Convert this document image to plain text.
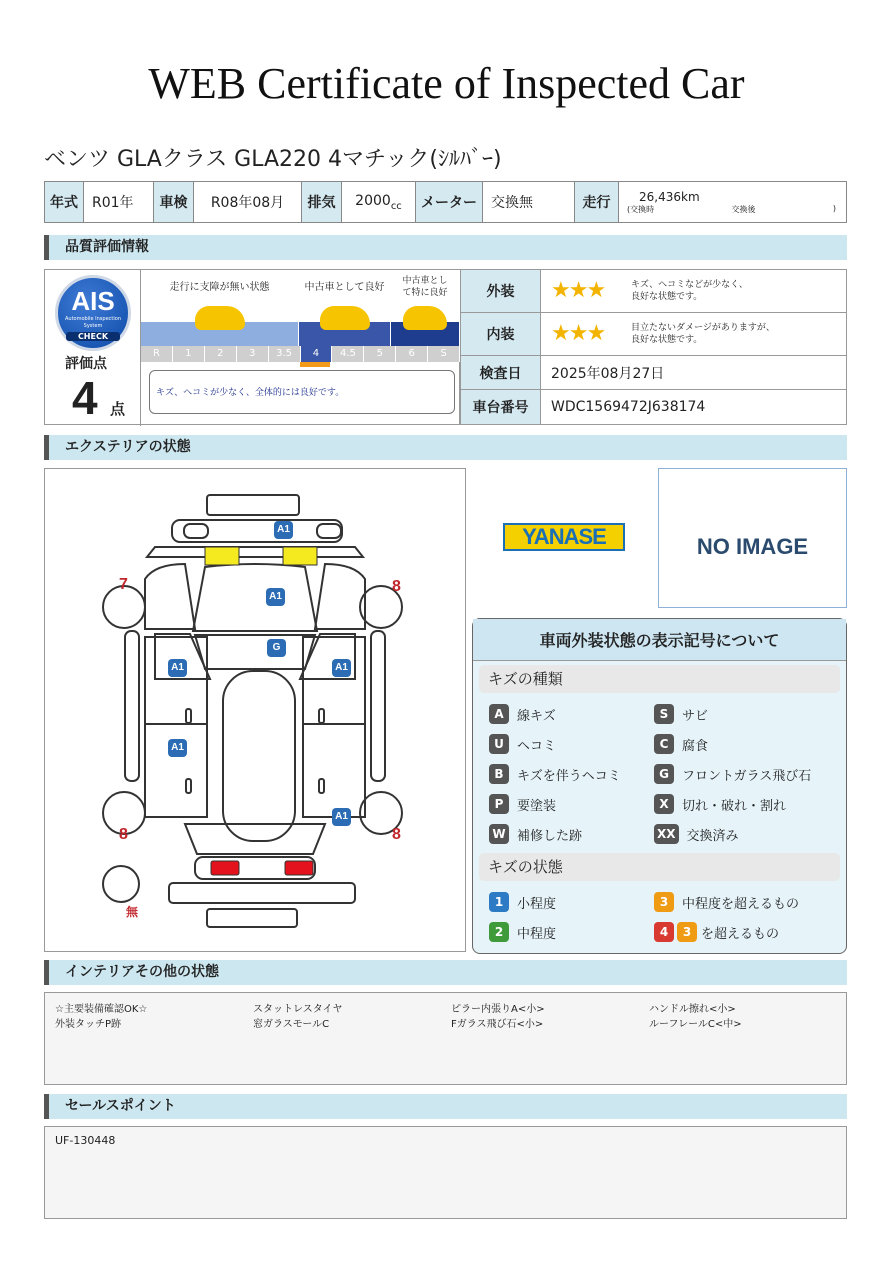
WEB Certificate of Inspected Car
ベンツ GLAクラス GLA220 4マチック(ｼﾙﾊﾞｰ)
年式	R01年	車検	R08年08月	排気	$2000_{cc}$	メーター	交換無	走行	26,436km
(交換時	交換後	)
品質評価情報
AIS
Automobile Inspection System
CHECK
評価点
4 点
走行に支障が無い状態	中古車として良好
中古車として特に良好
R	1	2	3	3.5	4	4.5	5	6	S
キズ、ヘコミが少なく、全体的には良好です。
外装	★★★ キズ、ヘコミなどが少なく、
良好な状態です。
内装	★★★ 目立たないダメージがありますが、
良好な状態です。
検査日	2025年08月27日
車台番号	WDC1569472J638174
エクステリアの状態
A1
A1
G
A1	A1
A1
A1
7	8
8	8
無
YANASE	NO IMAGE
車両外装状態の表示記号について
キズの種類
A	線キズ	S	サビ
U	ヘコミ	C	腐食
B	キズを伴うヘコミ	G	フロントガラス飛び石
P	要塗装	X	切れ・破れ・割れ
W 補修した跡	XX 交換済み
キズの状態
1	小程度	3	中程度を超えるもの
2	中程度	4	3 を超えるもの
インテリアその他の状態
☆主要装備確認OK☆	スタットレスタイヤ	ピラー内張りA<小>	ハンドル擦れ<小>
外装タッチP跡	窓ガラスモールC	Fガラス飛び石<小>	ルーフレールC<中>
セールスポイント
UF-130448
